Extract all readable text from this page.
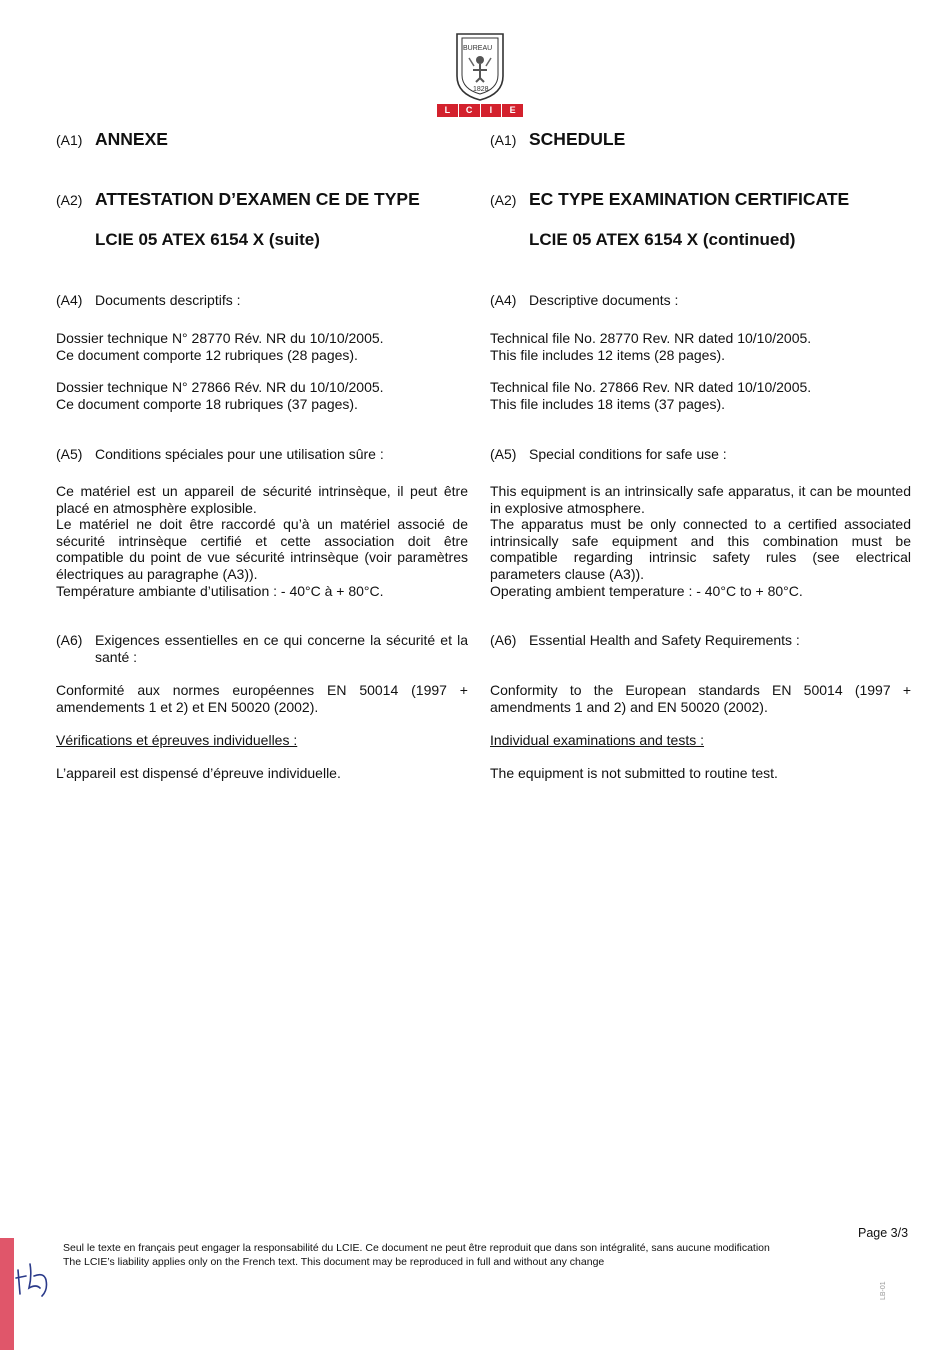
BUREAU
1828
L	C	I	E
(A1) ANNEXE
(A2) ATTESTATION D’EXAMEN CE DE TYPE
LCIE 05 ATEX 6154 X (suite)
(A4) Documents descriptifs :
Dossier technique N° 28770 Rév. NR du 10/10/2005.
Ce document comporte 12 rubriques (28 pages).
Dossier technique N° 27866 Rév. NR du 10/10/2005.
Ce document comporte 18 rubriques (37 pages).
(A5) Conditions spéciales pour une utilisation sûre :
Ce matériel est un appareil de sécurité intrinsèque, il peut être placé en atmosphère explosible.
Le matériel ne doit être raccordé qu’à un matériel associé de sécurité intrinsèque certifié et cette association doit être compatible du point de vue sécurité intrinsèque (voir paramètres électriques au paragraphe (A3)).
Température ambiante d’utilisation : - 40°C à + 80°C.
(A6) Exigences essentielles en ce qui concerne la sécurité et la santé :
Conformité aux normes européennes EN 50014 (1997 + amendements 1 et 2) et EN 50020 (2002).
Vérifications et épreuves individuelles :
L’appareil est dispensé d’épreuve individuelle.
(A1) SCHEDULE
(A2) EC TYPE EXAMINATION CERTIFICATE
LCIE 05 ATEX 6154 X (continued)
(A4) Descriptive documents :
Technical file No. 28770 Rev. NR dated 10/10/2005.
This file includes 12 items (28 pages).
Technical file No. 27866 Rev. NR dated 10/10/2005.
This file includes 18 items (37 pages).
(A5) Special conditions for safe use :
This equipment is an intrinsically safe apparatus, it can be mounted in explosive atmosphere.
The apparatus must be only connected to a certified associated intrinsically safe equipment and this combination must be compatible regarding intrinsic safety rules (see electrical parameters clause (A3)).
Operating ambient temperature : - 40°C to + 80°C.
(A6) Essential Health and Safety Requirements :
Conformity to the European standards EN 50014 (1997 + amendments 1 and 2) and EN 50020 (2002).
Individual examinations and tests :
The equipment is not submitted to routine test.
Page 3/3
Seul le texte en français peut engager la responsabilité du LCIE. Ce document ne peut être reproduit que dans son intégralité, sans aucune modification
The LCIE’s liability applies only on the French text. This document may be reproduced in full and without any change
LB-01
